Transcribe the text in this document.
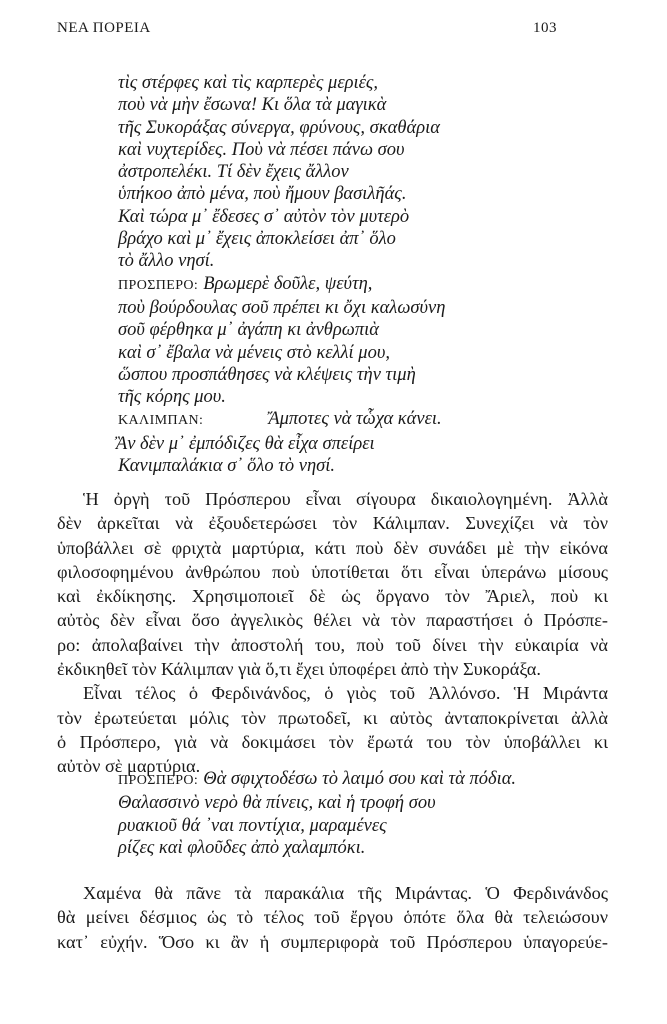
ΝΕΑ ΠΟΡΕΙΑ	103
τὶς στέρφες καὶ τὶς καρπερὲς μεριές,
ποὺ νὰ μὴν ἔσωνα! Κι ὅλα τὰ μαγικὰ
τῆς Συκοράξας σύνεργα, φρύνους, σκαθάρια
καὶ νυχτερίδες. Ποὺ νὰ πέσει πάνω σου
ἀστροπελέκι. Τί δὲν ἔχεις ἄλλον
ὑπήκοο ἀπὸ μένα, ποὺ ἤμουν βασιλῆάς.
Καὶ τώρα μ᾿ ἔδεσες σ᾿ αὐτὸν τὸν μυτερὸ
βράχο καὶ μ᾿ ἔχεις ἀποκλείσει ἀπ᾿ ὅλο
τὸ ἄλλο νησί.
ΠΡΟΣΠΕΡΟ: Βρωμερὲ δοῦλε, ψεύτη,
ποὺ βούρδουλας σοῦ πρέπει κι ὄχι καλωσύνη
σοῦ φέρθηκα μ᾿ ἀγάπη κι ἀνθρωπιὰ
καὶ σ᾿ ἔβαλα νὰ μένεις στὸ κελλί μου,
ὥσπου προσπάθησες νὰ κλέψεις τὴν τιμὴ
τῆς κόρης μου.
ΚΑΛΙΜΠΑΝ:	Ἄμποτες νὰ τὧχα κάνει.
Ἂν δὲν μ᾿ ἐμπόδιζες θὰ εἶχα σπείρει
Κανιμπαλάκια σ᾿ ὅλο τὸ νησί.

Ἡ ὀργὴ τοῦ Πρόσπερου εἶναι σίγουρα δικαιολογημένη. Ἀλλὰ
δὲν ἀρκεῖται νὰ ἐξουδετερώσει τὸν Κάλιμπαν. Συνεχίζει νὰ τὸν
ὑποβάλλει σὲ φριχτὰ μαρτύρια, κάτι ποὺ δὲν συνάδει μὲ τὴν εἰκόνα
φιλοσοφημένου ἀνθρώπου ποὺ ὑποτίθεται ὅτι εἶναι ὑπεράνω μίσους
καὶ ἐκδίκησης. Χρησιμοποιεῖ δὲ ὡς ὄργανο τὸν Ἄριελ, ποὺ κι
αὐτὸς δὲν εἶναι ὅσο ἀγγελικὸς θέλει νὰ τὸν παραστήσει ὁ Πρόσπε-
ρο: ἀπολαβαίνει τὴν ἀποστολή του, ποὺ τοῦ δίνει τὴν εὐκαιρία νὰ
ἐκδικηθεῖ τὸν Κάλιμπαν γιὰ ὅ,τι ἔχει ὑποφέρει ἀπὸ τὴν Συκοράξα.

Εἶναι τέλος ὁ Φερδινάνδος, ὁ γιὸς τοῦ Ἀλλόνσο. Ἡ Μιράντα
τὸν ἐρωτεύεται μόλις τὸν πρωτοδεῖ, κι αὐτὸς ἀνταποκρίνεται ἀλλὰ
ὁ Πρόσπερο, γιὰ νὰ δοκιμάσει τὸν ἔρωτά του τὸν ὑποβάλλει κι
αὐτὸν σὲ μαρτύρια.

ΠΡΟΣΠΕΡΟ: Θὰ σφιχτοδέσω τὸ λαιμό σου καὶ τὰ πόδια.
Θαλασσινὸ νερὸ θὰ πίνεις, καὶ ἡ τροφή σου
ρυακιοῦ θά ᾿ναι ποντίχια, μαραμένες
ρίζες καὶ φλοῦδες ἀπὸ χαλαμπόκι.

Χαμένα θὰ πᾶνε τὰ παρακάλια τῆς Μιράντας. Ὁ Φερδινάνδος
θὰ μείνει δέσμιος ὡς τὸ τέλος τοῦ ἔργου ὁπότε ὅλα θὰ τελειώσουν
κατ᾿ εὐχήν. Ὅσο κι ἂν ἡ συμπεριφορὰ τοῦ Πρόσπερου ὑπαγορεύε-
